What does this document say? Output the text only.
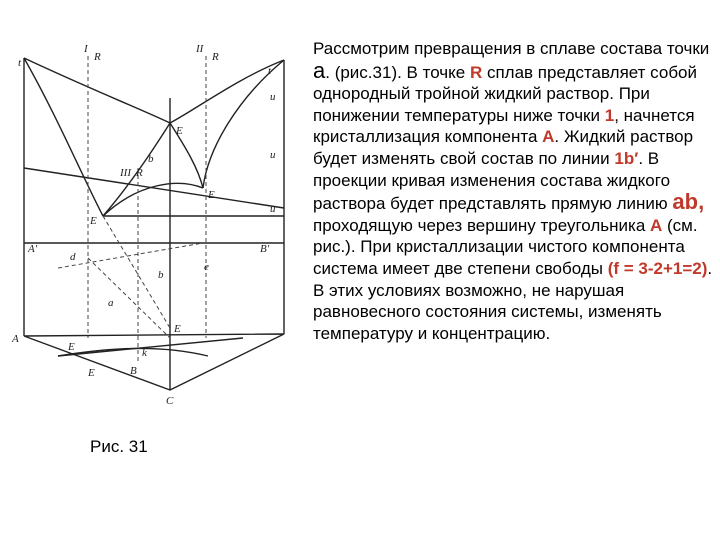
I
R
II
R
t
t
u
u
u
E
E
E
E
E
III R
b
b
a
A'	B'
d
e
A
B
C
E	k
Рис. 31
Рассмотрим превращения в сплаве состава точки а. (рис.31). В точке R сплав представляет собой однородный тройной жидкий раствор. При понижении температуры ниже точки 1, начнется кристаллизация компонента А. Жидкий раствор будет изменять свой состав по линии 1b′. В проекции кривая изменения состава жидкого раствора будет представлять прямую линию ab, проходящую через вершину треугольника А (см. рис.). При кристаллизации чистого компонента система имеет две степени свободы (f = 3-2+1=2). В этих условиях возможно, не нарушая равновесного состояния системы, изменять температуру и концентрацию.
